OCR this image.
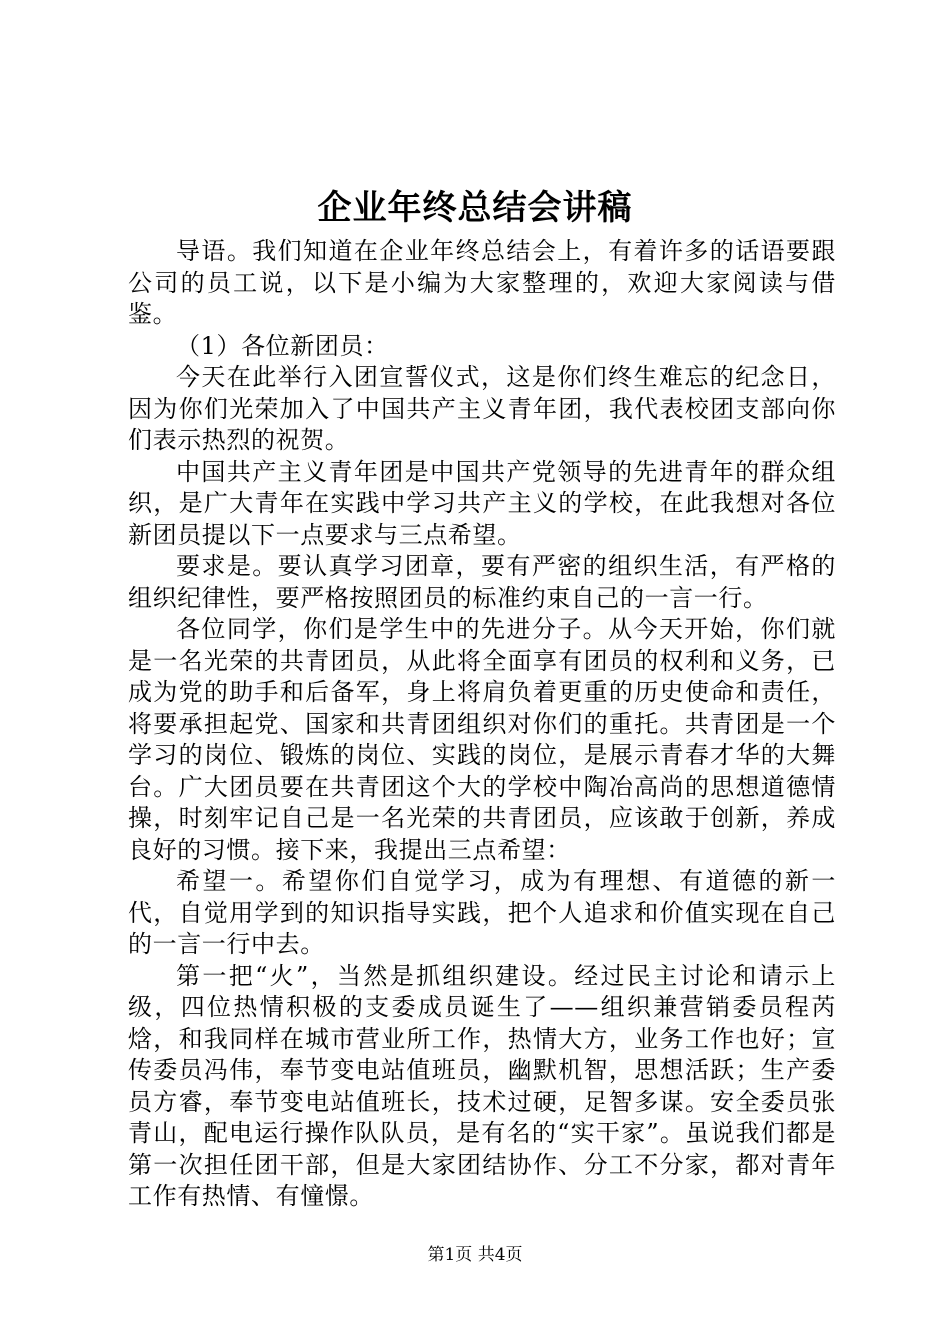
企业年终总结会讲稿

导语。我们知道在企业年终总结会上，有着许多的话语要跟公司的员工说，以下是小编为大家整理的，欢迎大家阅读与借鉴。

（1）各位新团员：

今天在此举行入团宣誓仪式，这是你们终生难忘的纪念日，因为你们光荣加入了中国共产主义青年团，我代表校团支部向你们表示热烈的祝贺。

中国共产主义青年团是中国共产党领导的先进青年的群众组织，是广大青年在实践中学习共产主义的学校，在此我想对各位新团员提以下一点要求与三点希望。

要求是。要认真学习团章，要有严密的组织生活，有严格的组织纪律性，要严格按照团员的标准约束自己的一言一行。

各位同学，你们是学生中的先进分子。从今天开始，你们就是一名光荣的共青团员，从此将全面享有团员的权利和义务，已成为党的助手和后备军，身上将肩负着更重的历史使命和责任，将要承担起党、国家和共青团组织对你们的重托。共青团是一个学习的岗位、锻炼的岗位、实践的岗位，是展示青春才华的大舞台。广大团员要在共青团这个大的学校中陶冶高尚的思想道德情操，时刻牢记自己是一名光荣的共青团员，应该敢于创新，养成良好的习惯。接下来，我提出三点希望：

希望一。希望你们自觉学习，成为有理想、有道德的新一代，自觉用学到的知识指导实践，把个人追求和价值实现在自己的一言一行中去。

第一把“火”，当然是抓组织建设。经过民主讨论和请示上级，四位热情积极的支委成员诞生了——组织兼营销委员程芮焓，和我同样在城市营业所工作，热情大方，业务工作也好；宣传委员冯伟，奉节变电站值班员，幽默机智，思想活跃；生产委员方睿，奉节变电站值班长，技术过硬，足智多谋。安全委员张青山，配电运行操作队队员，是有名的“实干家”。虽说我们都是第一次担任团干部，但是大家团结协作、分工不分家，都对青年工作有热情、有憧憬。

第1页 共4页
